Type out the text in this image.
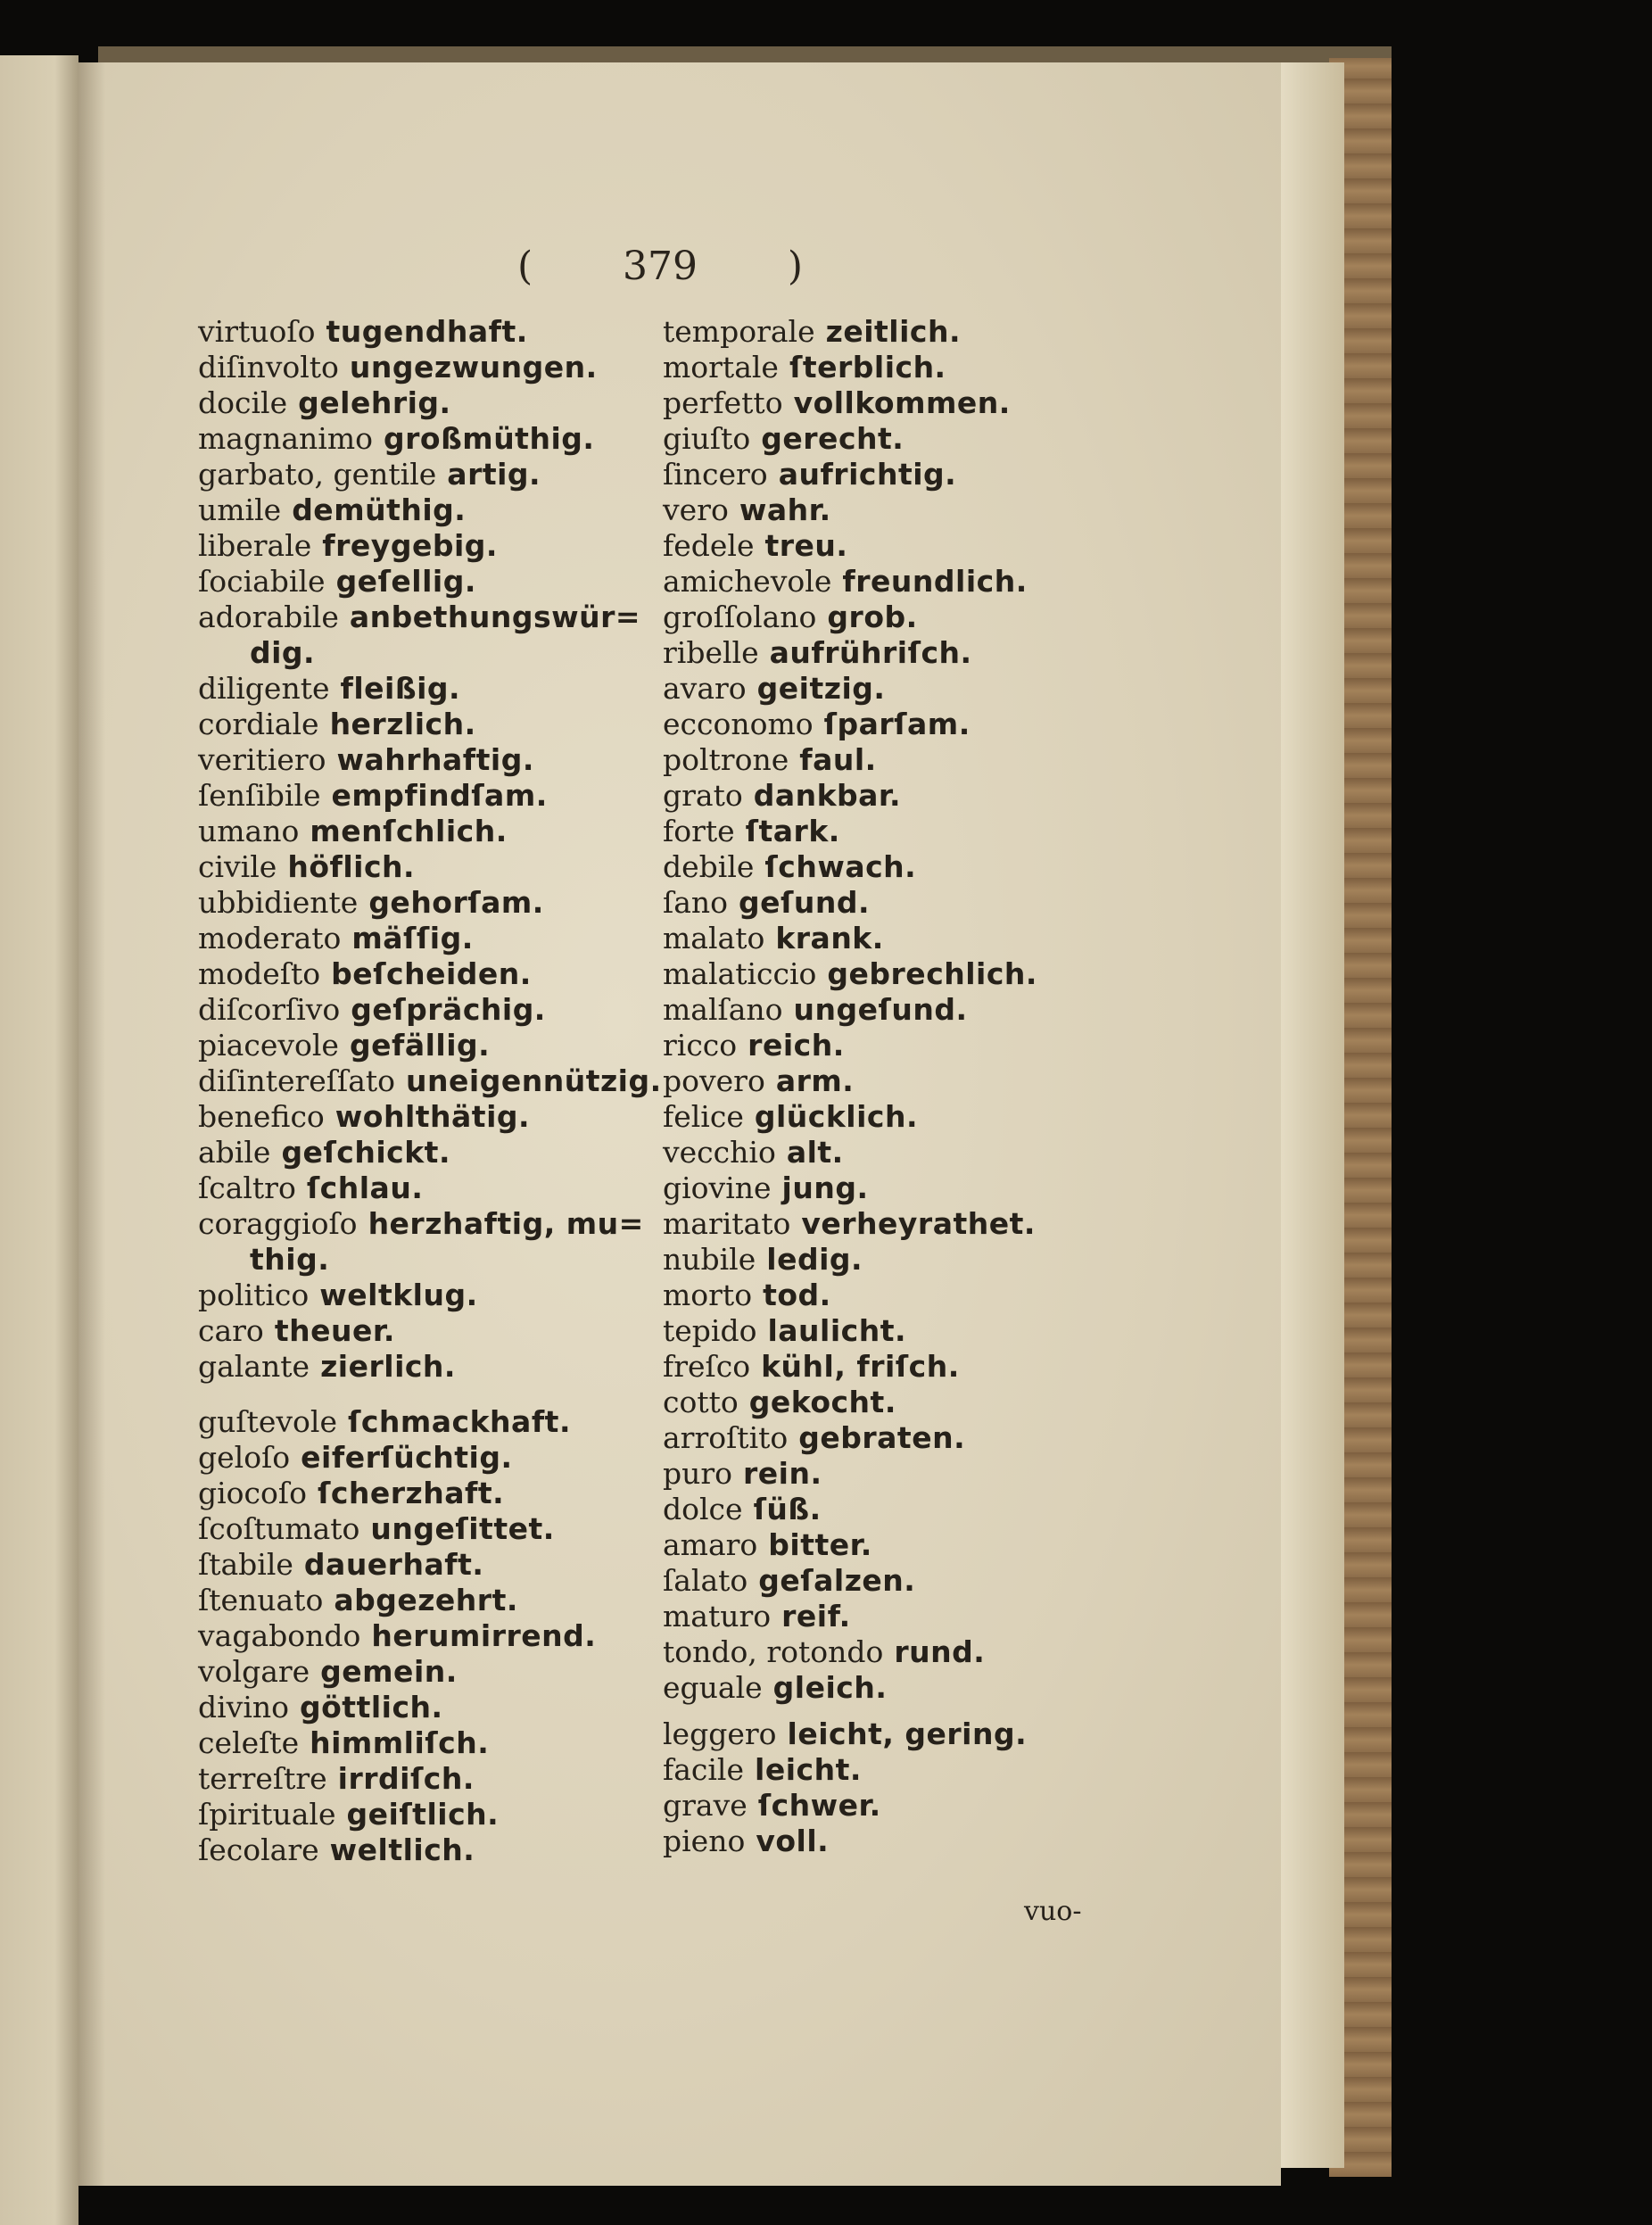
( 379 )
virtuoſo tugendhaft.
diſinvolto ungezwungen.
docile gelehrig.
magnanimo großmüthig.
garbato, gentile artig.
umile demüthig.
liberale freygebig.
ſociabile geſellig.
adorabile anbethungswür=
dig.
diligente fleißig.
cordiale herzlich.
veritiero wahrhaftig.
ſenſibile empfindſam.
umano menſchlich.
civile höflich.
ubbidiente gehorſam.
moderato mäſſig.
modeſto beſcheiden.
diſcorſivo geſprächig.
piacevole gefällig.
diſintereſſato uneigennützig.
benefico wohlthätig.
abile geſchickt.
ſcaltro ſchlau.
coraggioſo herzhaftig, mu=
thig.
politico weltklug.
caro theuer.
galante zierlich.
guſtevole ſchmackhaft.
geloſo eiferſüchtig.
giocoſo ſcherzhaft.
ſcoſtumato ungeſittet.
ſtabile dauerhaft.
ſtenuato abgezehrt.
vagabondo herumirrend.
volgare gemein.
divino göttlich.
celeſte himmliſch.
terreſtre irrdiſch.
ſpirituale geiſtlich.
ſecolare weltlich.
temporale zeitlich.
mortale ſterblich.
perfetto vollkommen.
giuſto gerecht.
ſincero aufrichtig.
vero wahr.
fedele treu.
amichevole freundlich.
groſſolano grob.
ribelle aufrühriſch.
avaro geitzig.
ecconomo ſparſam.
poltrone faul.
grato dankbar.
forte ſtark.
debile ſchwach.
ſano geſund.
malato krank.
malaticcio gebrechlich.
malſano ungeſund.
ricco reich.
povero arm.
felice glücklich.
vecchio alt.
giovine jung.
maritato verheyrathet.
nubile ledig.
morto tod.
tepido laulicht.
freſco kühl, friſch.
cotto gekocht.
arroſtito gebraten.
puro rein.
dolce ſüß.
amaro bitter.
ſalato geſalzen.
maturo reif.
tondo, rotondo rund.
eguale gleich.
leggero leicht, gering.
facile leicht.
grave ſchwer.
pieno voll.
vuo-
